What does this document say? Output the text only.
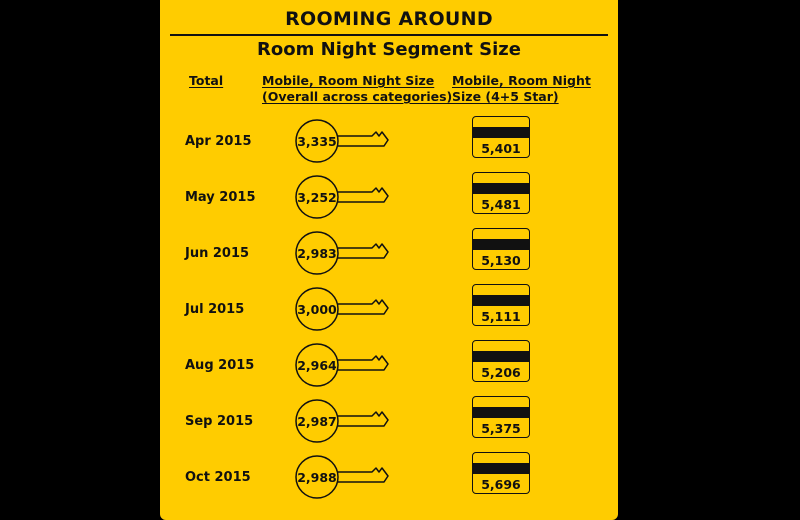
ROOMING AROUND
Room Night Segment Size
Total	Mobile, Room Night Size
(Overall across categories)
Mobile, Room Night
Size (4+5 Star)
Apr 2015	3,335	5,401
May 2015	3,252	5,481
Jun 2015	2,983	5,130
Jul 2015	3,000	5,111
Aug 2015	2,964	5,206
Sep 2015	2,987	5,375
Oct 2015	2,988	5,696
